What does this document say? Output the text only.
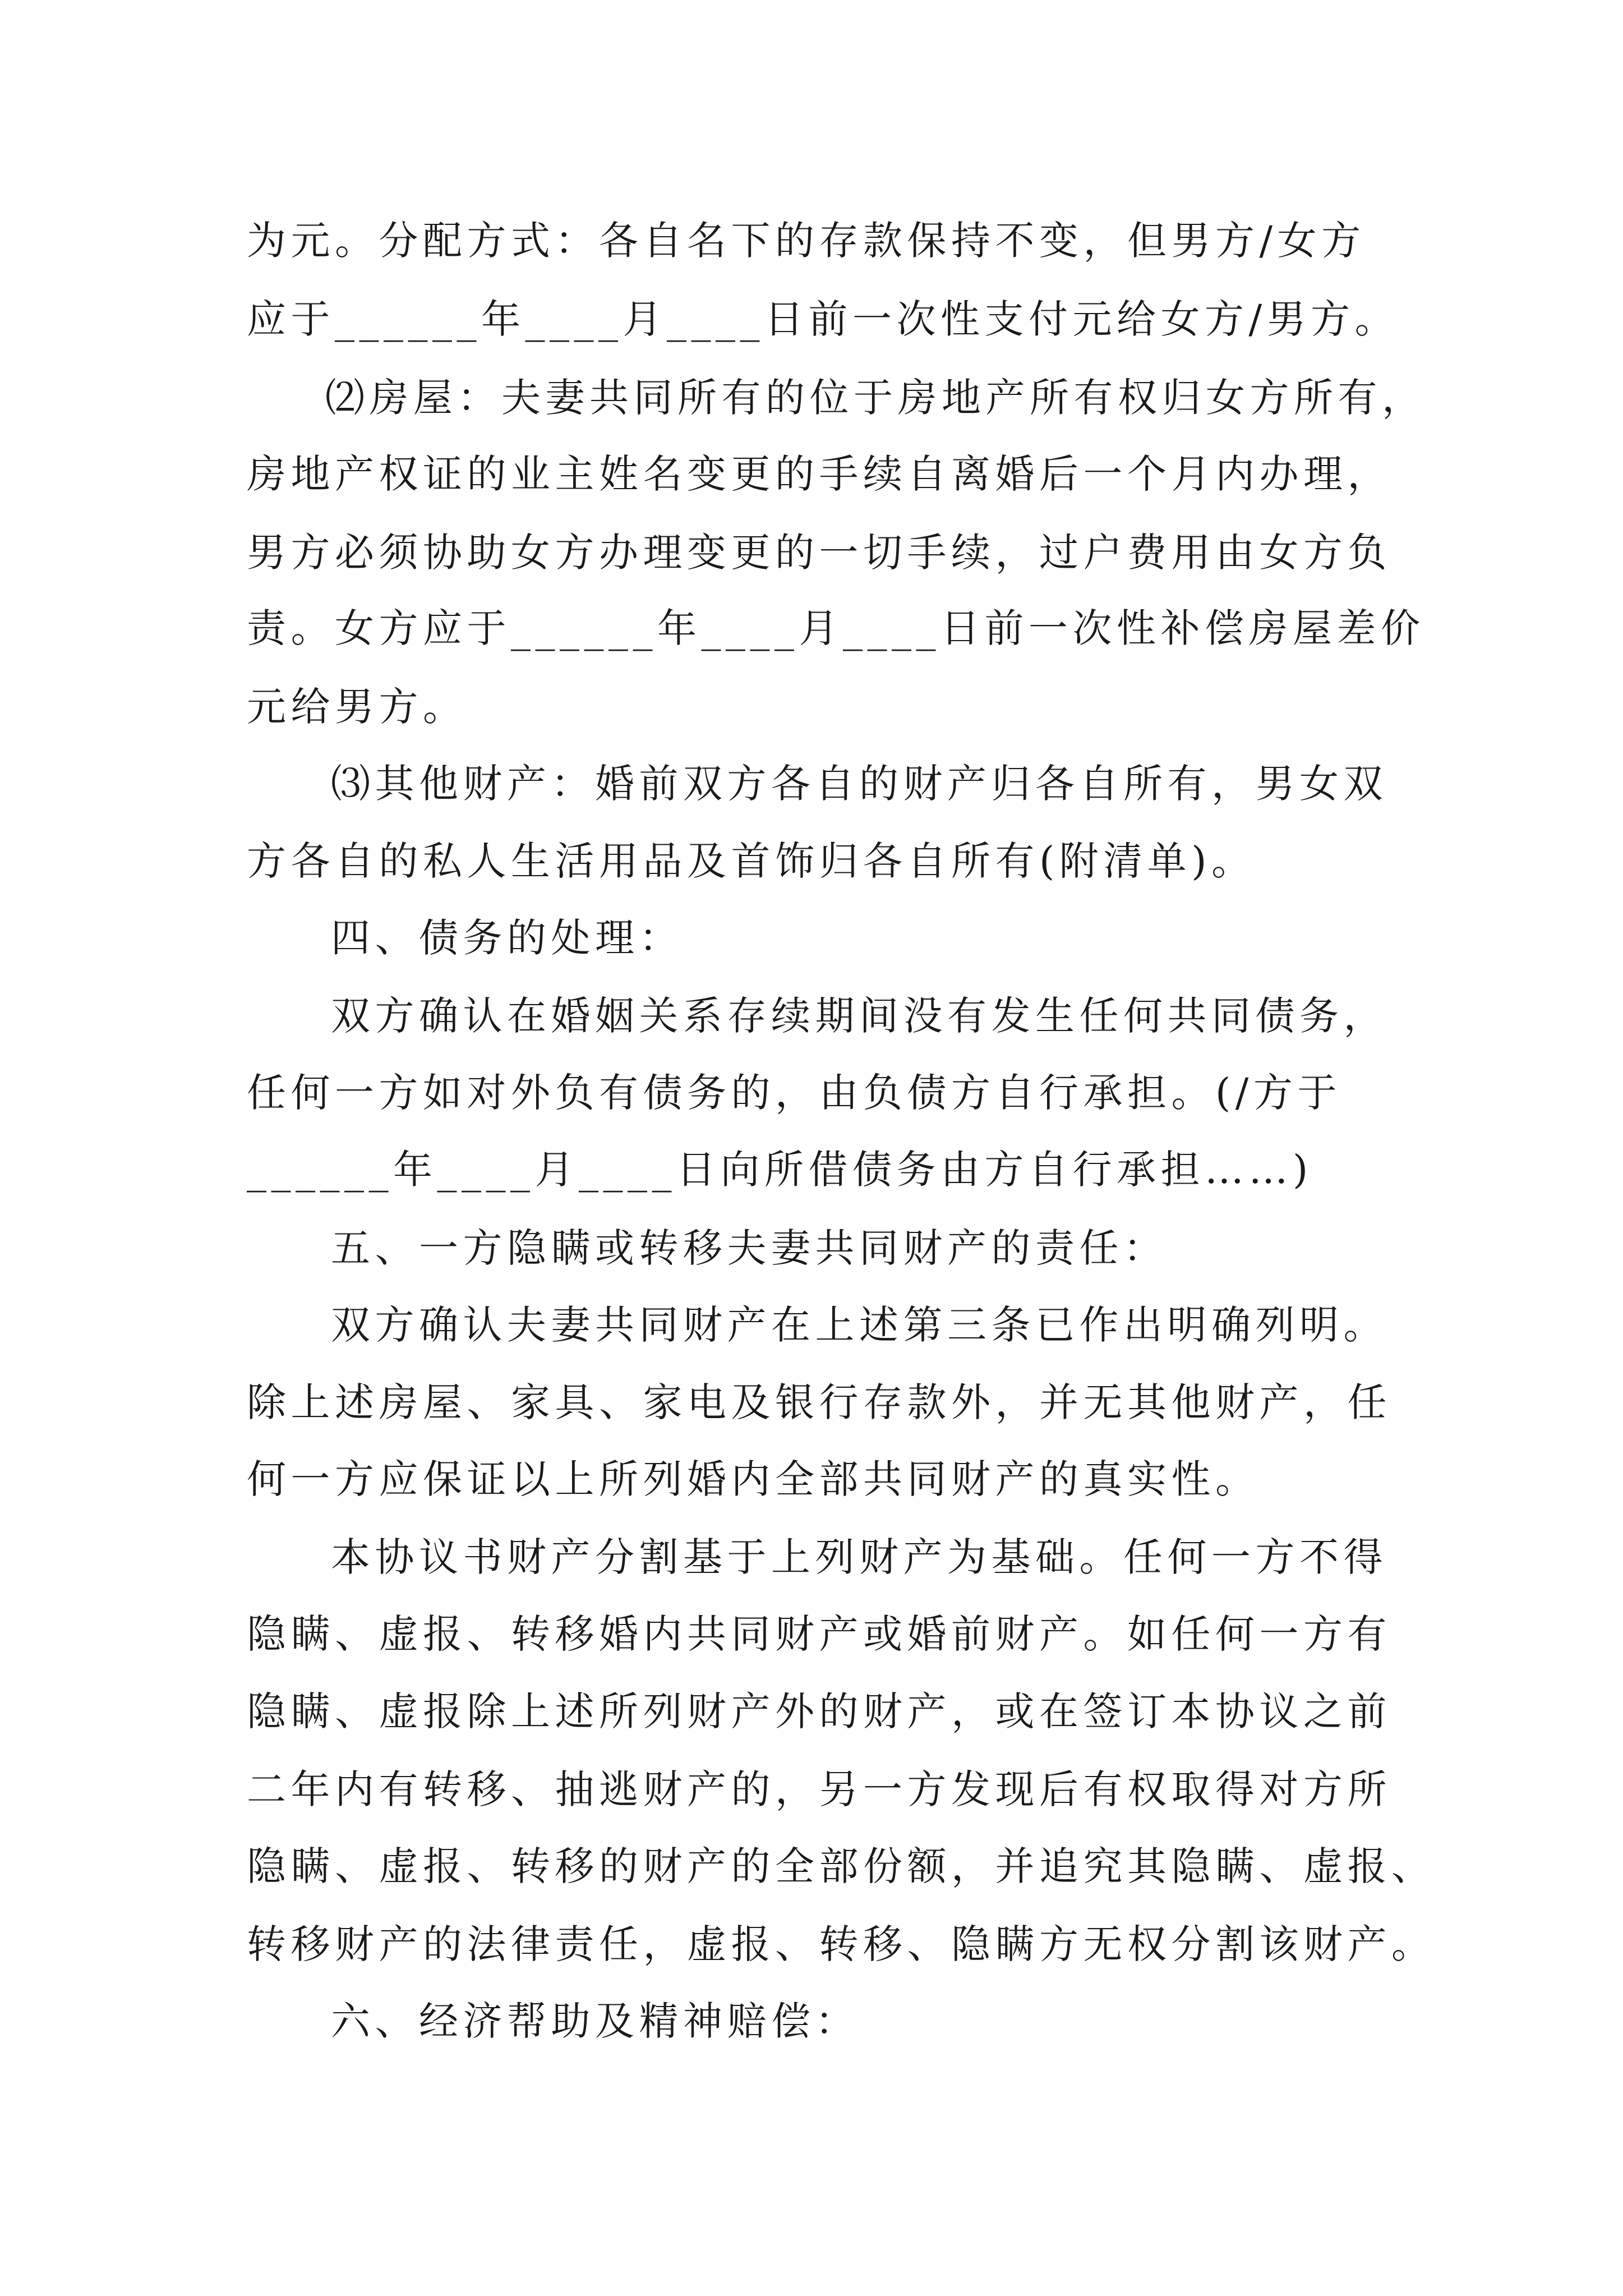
为元。分配方式：各自名下的存款保持不变，但男方/女方
应于______年____月____日前一次性支付元给女方/男方。
⑵房屋：夫妻共同所有的位于房地产所有权归女方所有，
房地产权证的业主姓名变更的手续自离婚后一个月内办理，
男方必须协助女方办理变更的一切手续，过户费用由女方负
责。女方应于______年____月____日前一次性补偿房屋差价
元给男方。
⑶其他财产：婚前双方各自的财产归各自所有，男女双
方各自的私人生活用品及首饰归各自所有(附清单)。
四、债务的处理：
双方确认在婚姻关系存续期间没有发生任何共同债务，
任何一方如对外负有债务的，由负债方自行承担。(/方于
______年____月____日向所借债务由方自行承担……)
五、一方隐瞒或转移夫妻共同财产的责任：
双方确认夫妻共同财产在上述第三条已作出明确列明。
除上述房屋、家具、家电及银行存款外，并无其他财产，任
何一方应保证以上所列婚内全部共同财产的真实性。
本协议书财产分割基于上列财产为基础。任何一方不得
隐瞒、虚报、转移婚内共同财产或婚前财产。如任何一方有
隐瞒、虚报除上述所列财产外的财产，或在签订本协议之前
二年内有转移、抽逃财产的，另一方发现后有权取得对方所
隐瞒、虚报、转移的财产的全部份额，并追究其隐瞒、虚报、
转移财产的法律责任，虚报、转移、隐瞒方无权分割该财产。
六、经济帮助及精神赔偿：
